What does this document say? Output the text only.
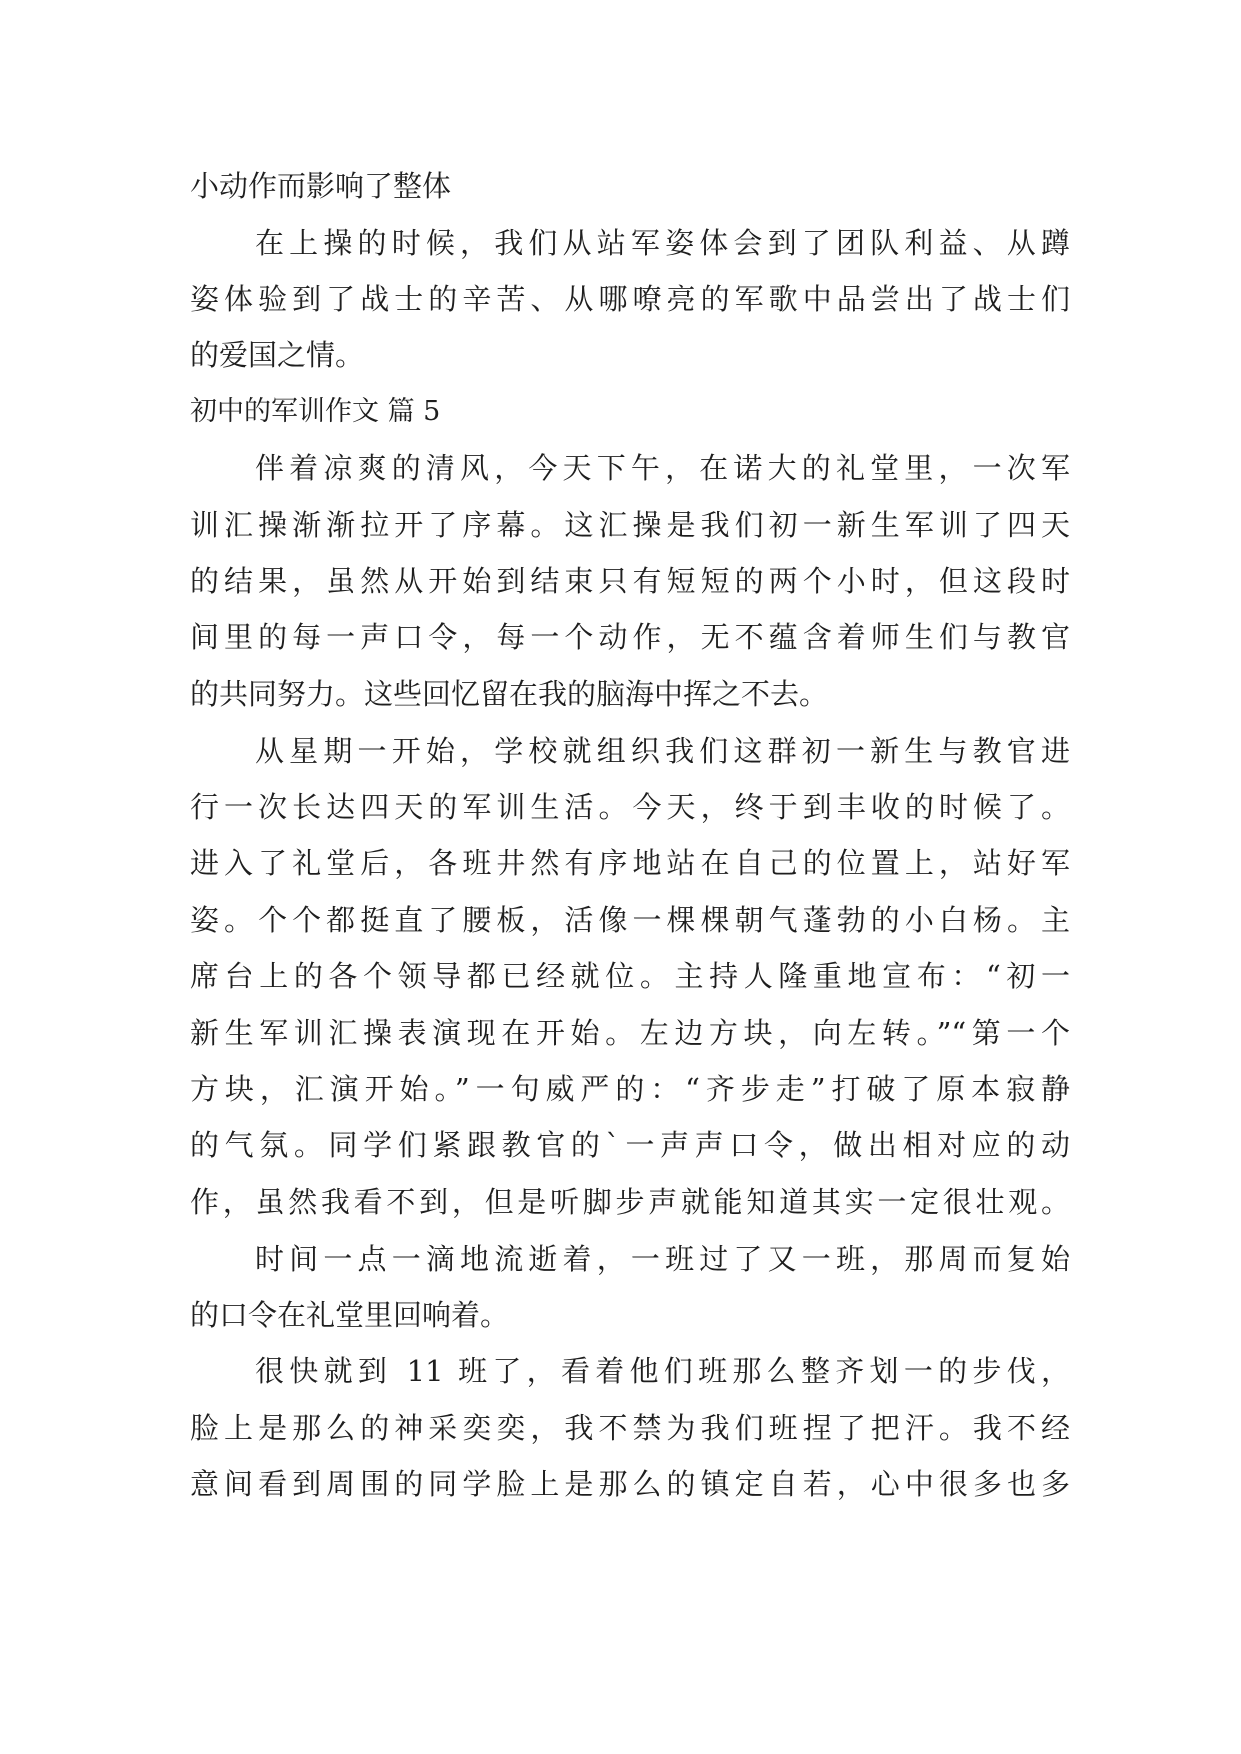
小动作而影响了整体
在上操的时候，我们从站军姿体会到了团队利益、从蹲
姿体验到了战士的辛苦、从哪嘹亮的军歌中品尝出了战士们
的爱国之情。
初中的军训作文 篇 5
伴着凉爽的清风，今天下午，在诺大的礼堂里，一次军
训汇操渐渐拉开了序幕。这汇操是我们初一新生军训了四天
的结果，虽然从开始到结束只有短短的两个小时，但这段时
间里的每一声口令，每一个动作，无不蕴含着师生们与教官
的共同努力。这些回忆留在我的脑海中挥之不去。
从星期一开始，学校就组织我们这群初一新生与教官进
行一次长达四天的军训生活。今天，终于到丰收的时候了。
进入了礼堂后，各班井然有序地站在自己的位置上，站好军
姿。个个都挺直了腰板，活像一棵棵朝气蓬勃的小白杨。主
席台上的各个领导都已经就位。主持人隆重地宣布：“初一
新生军训汇操表演现在开始。左边方块，向左转。”“第一个
方块，汇演开始。”一句威严的：“齐步走”打破了原本寂静
的气氛。同学们紧跟教官的`一声声口令，做出相对应的动
作，虽然我看不到，但是听脚步声就能知道其实一定很壮观。
时间一点一滴地流逝着，一班过了又一班，那周而复始
的口令在礼堂里回响着。
很快就到 11 班了，看着他们班那么整齐划一的步伐，
脸上是那么的神采奕奕，我不禁为我们班捏了把汗。我不经
意间看到周围的同学脸上是那么的镇定自若，心中很多也多
